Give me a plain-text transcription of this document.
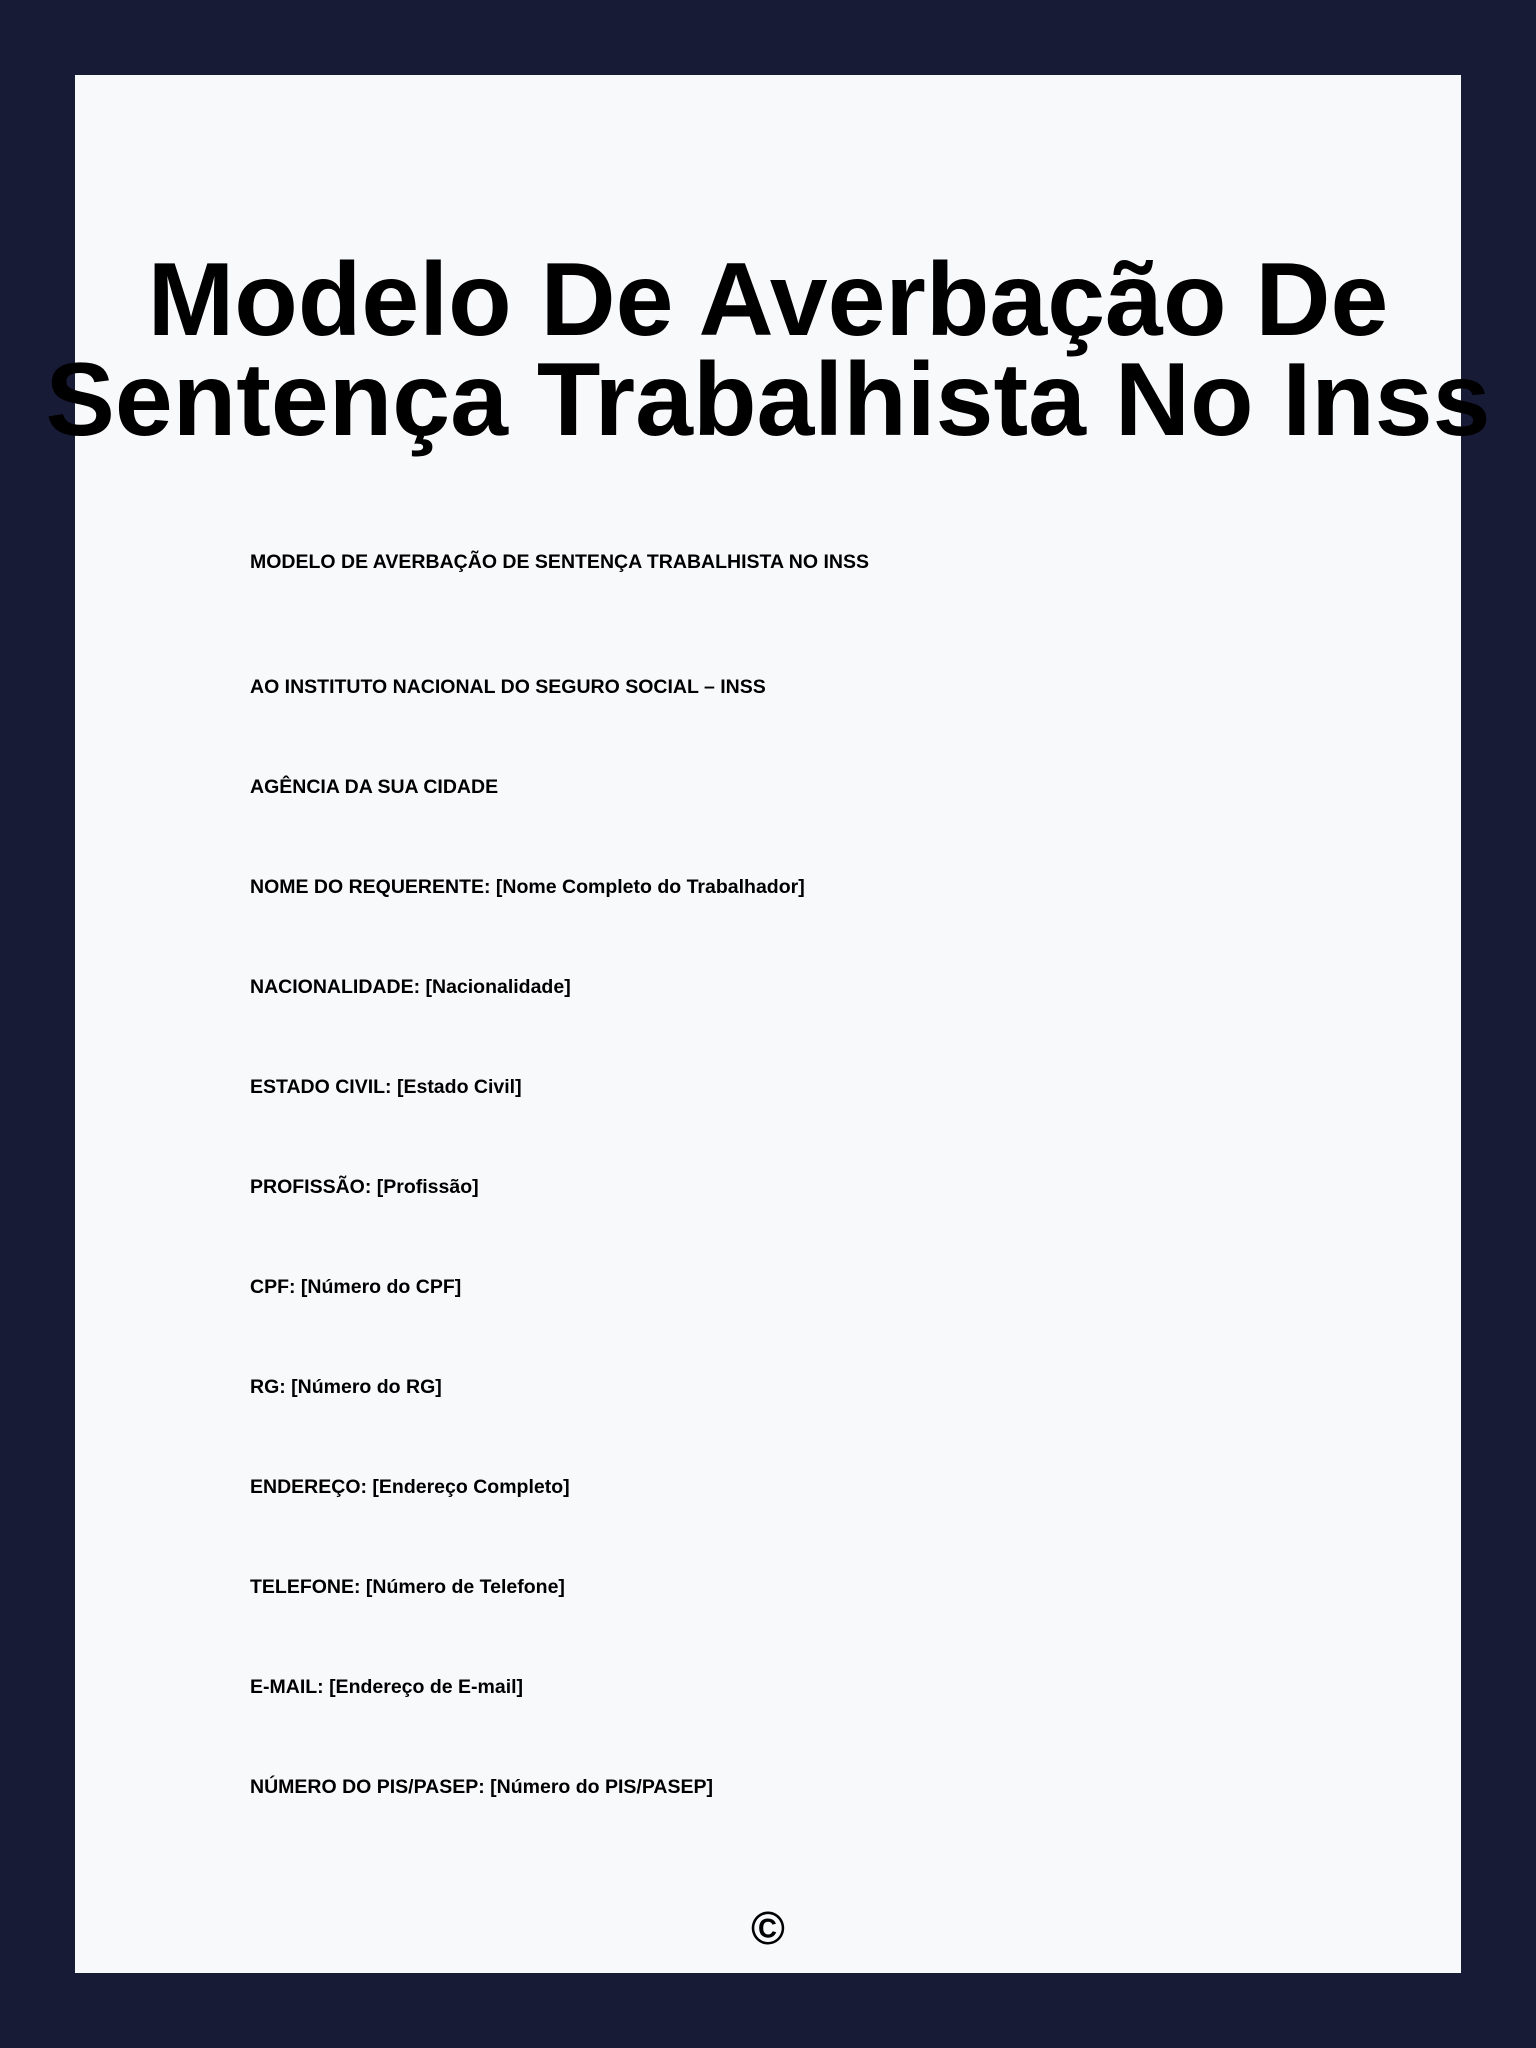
Modelo De Averbação De
Sentença Trabalhista No Inss
MODELO DE AVERBAÇÃO DE SENTENÇA TRABALHISTA NO INSS
AO INSTITUTO NACIONAL DO SEGURO SOCIAL – INSS
AGÊNCIA DA SUA CIDADE
NOME DO REQUERENTE: [Nome Completo do Trabalhador]
NACIONALIDADE: [Nacionalidade]
ESTADO CIVIL: [Estado Civil]
PROFISSÃO: [Profissão]
CPF: [Número do CPF]
RG: [Número do RG]
ENDEREÇO: [Endereço Completo]
TELEFONE: [Número de Telefone]
E-MAIL: [Endereço de E-mail]
NÚMERO DO PIS/PASEP: [Número do PIS/PASEP]
©
